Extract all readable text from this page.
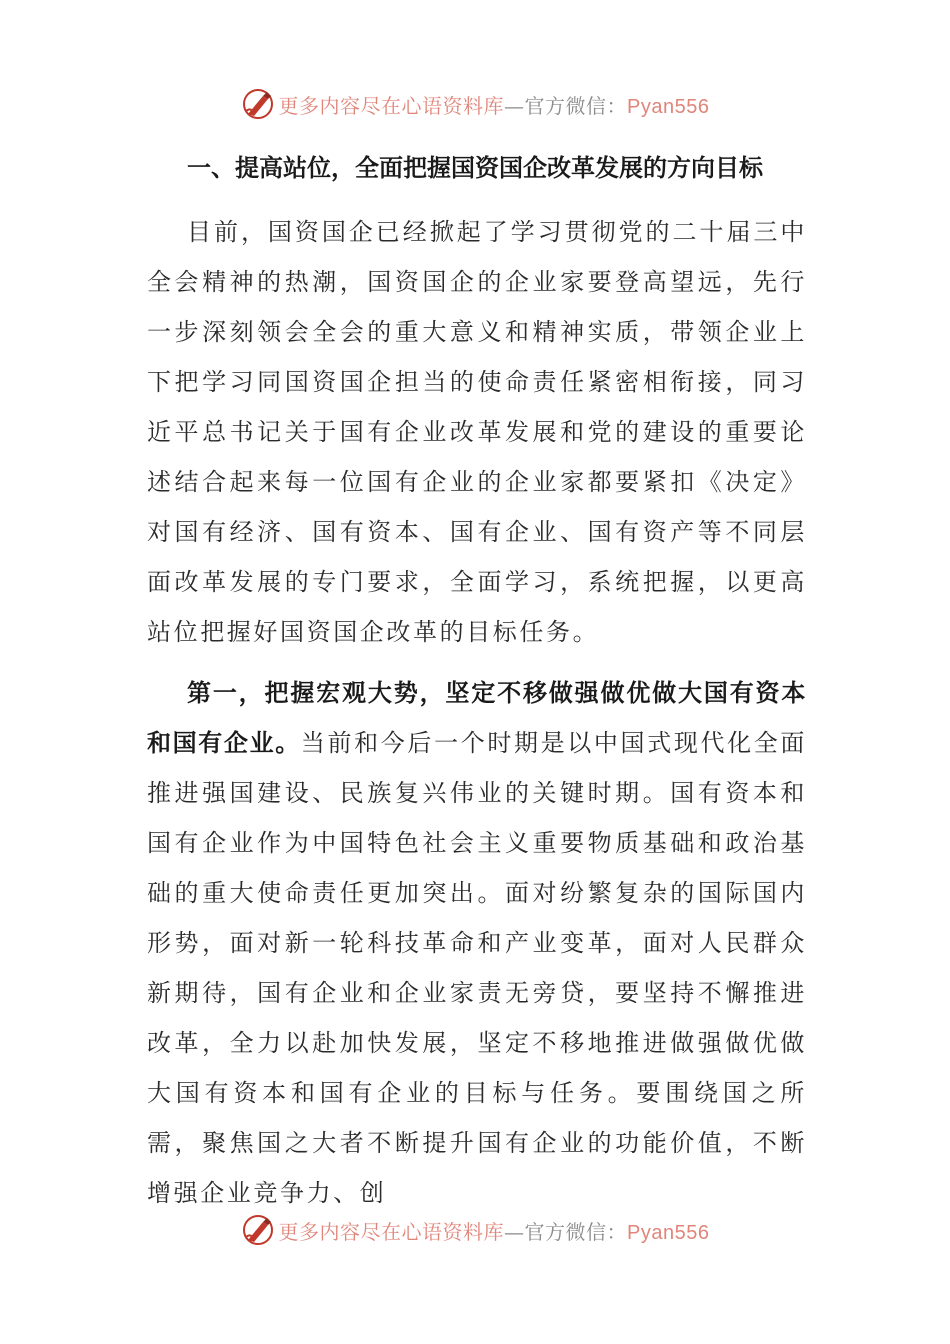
更多内容尽在心语资料库—官方微信：Pyan556
一、提高站位，全面把握国资国企改革发展的方向目标
目前，国资国企已经掀起了学习贯彻党的二十届三中全会精神的热潮，国资国企的企业家要登高望远，先行一步深刻领会全会的重大意义和精神实质，带领企业上下把学习同国资国企担当的使命责任紧密相衔接，同习近平总书记关于国有企业改革发展和党的建设的重要论述结合起来每一位国有企业的企业家都要紧扣《决定》对国有经济、国有资本、国有企业、国有资产等不同层面改革发展的专门要求，全面学习，系统把握，以更高站位把握好国资国企改革的目标任务。
第一，把握宏观大势，坚定不移做强做优做大国有资本和国有企业。当前和今后一个时期是以中国式现代化全面推进强国建设、民族复兴伟业的关键时期。国有资本和国有企业作为中国特色社会主义重要物质基础和政治基础的重大使命责任更加突出。面对纷繁复杂的国际国内形势，面对新一轮科技革命和产业变革，面对人民群众新期待，国有企业和企业家责无旁贷，要坚持不懈推进改革，全力以赴加快发展，坚定不移地推进做强做优做大国有资本和国有企业的目标与任务。要围绕国之所需，聚焦国之大者不断提升国有企业的功能价值，不断增强企业竞争力、创
更多内容尽在心语资料库—官方微信：Pyan556
